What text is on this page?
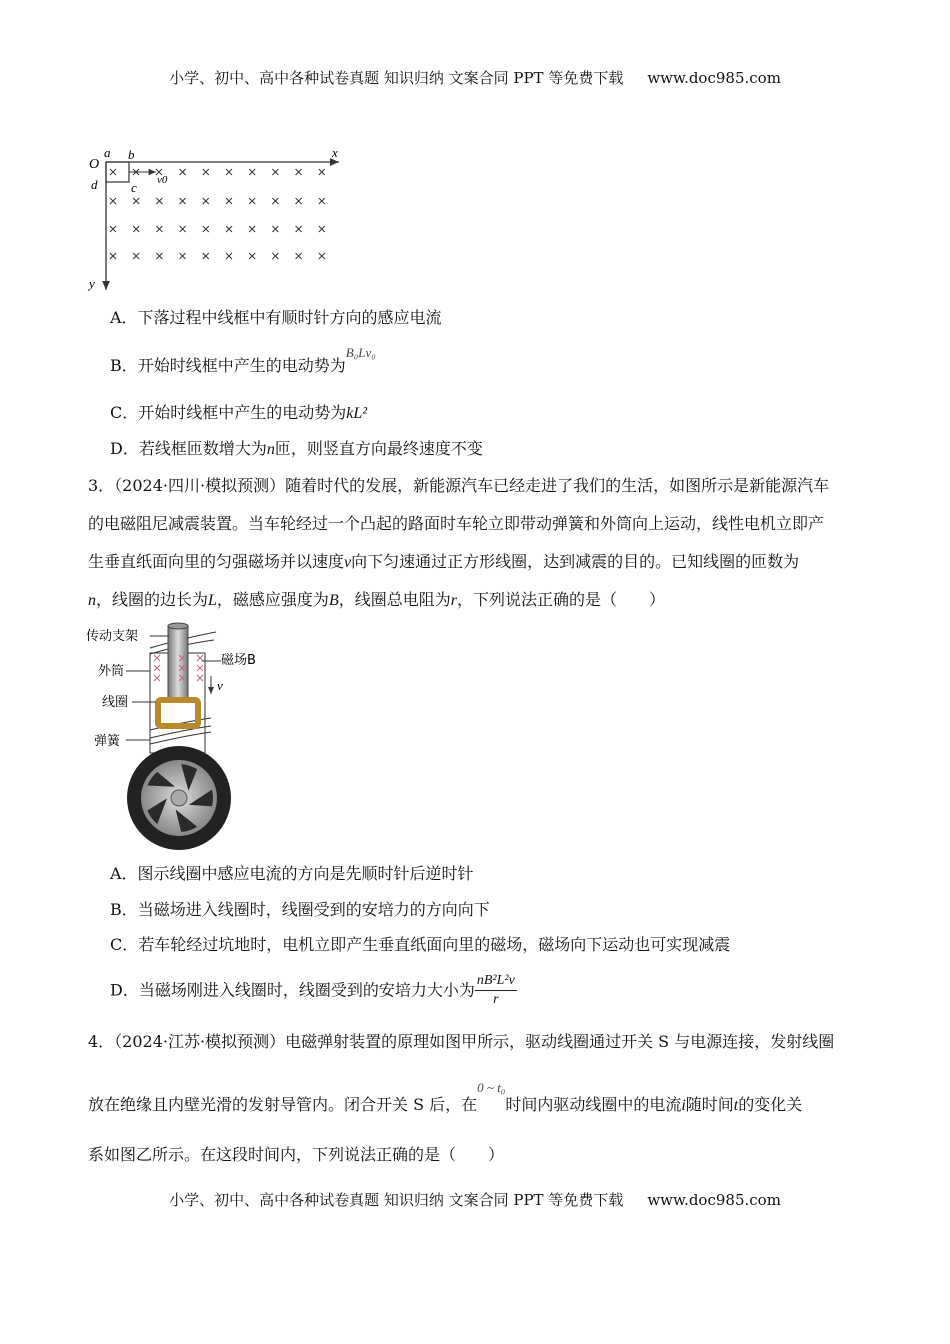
小学、初中、高中各种试卷真题 知识归纳 文案合同 PPT 等免费下载 www.doc985.com
O
a b
c
d
x
y
v0
A．下落过程中线框中有顺时针方向的感应电流
B．开始时线框中产生的电动势为$^{B_0Lv_0}$
C．开始时线框中产生的电动势为kL²
D．若线框匝数增大为n匝，则竖直方向最终速度不变
3．（2024·四川·模拟预测）随着时代的发展，新能源汽车已经走进了我们的生活，如图所示是新能源汽车
的电磁阻尼减震装置。当车轮经过一个凸起的路面时车轮立即带动弹簧和外筒向上运动，线性电机立即产
生垂直纸面向里的匀强磁场并以速度v向下匀速通过正方形线圈，达到减震的目的。已知线圈的匝数为
n，线圈的边长为L，磁感应强度为B，线圈总电阻为r，下列说法正确的是（　　）
传动支架
外筒
磁场B
v
线圈
弹簧
A．图示线圈中感应电流的方向是先顺时针后逆时针
B．当磁场进入线圈时，线圈受到的安培力的方向向下
C．若车轮经过坑地时，电机立即产生垂直纸面向里的磁场，磁场向下运动也可实现减震
D．当磁场刚进入线圈时，线圈受到的安培力大小为 $\frac{\text{nB²L²v}}{r}$
4．（2024·江苏·模拟预测）电磁弹射装置的原理如图甲所示，驱动线圈通过开关 S 与电源连接，发射线圈
放在绝缘且内壁光滑的发射导管内。闭合开关 S 后，在$^{0 \sim t_0}$时间内驱动线圈中的电流i随时间t的变化关
系如图乙所示。在这段时间内，下列说法正确的是（　　）
小学、初中、高中各种试卷真题 知识归纳 文案合同 PPT 等免费下载 www.doc985.com
